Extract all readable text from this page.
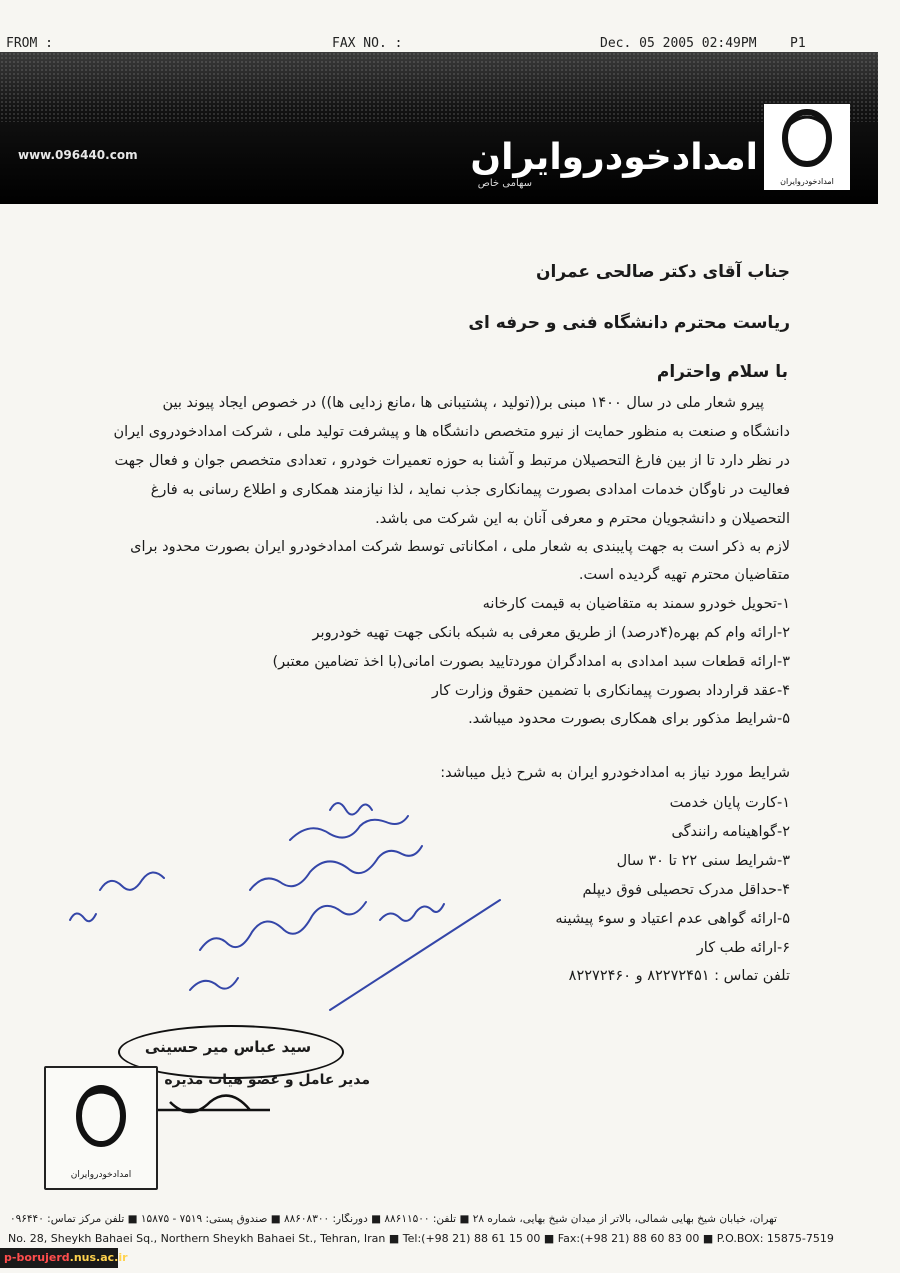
FROM :	FAX NO. :	Dec. 05 2005 02:49PM	P1
www.096440.com	امدادخودروایران
سهامی خاص	امدادخودروایران
جناب آقای دکتر صالحی عمران
ریاست محترم دانشگاه فنی و حرفه ای
با سلام واحترام
پیرو شعار ملی در سال ۱۴۰۰ مبنی بر((تولید ، پشتیبانی ها ،مانع زدایی ها)) در خصوص ایجاد پیوند بین
دانشگاه و صنعت به منظور حمایت از نیرو متخصص دانشگاه ها و پیشرفت تولید ملی ، شرکت امدادخودروی ایران
در نظر دارد تا از بین فارغ التحصیلان مرتبط و آشنا به حوزه تعمیرات خودرو ، تعدادی متخصص جوان و فعال جهت
فعالیت در ناوگان خدمات امدادی بصورت پیمانکاری جذب نماید ، لذا نیازمند همکاری و اطلاع رسانی به فارغ
التحصیلان و دانشجویان محترم و معرفی آنان به این شرکت می باشد.
لازم به ذکر است به جهت پایبندی به شعار ملی ، امکاناتی توسط شرکت امدادخودرو ایران بصورت محدود برای
متقاضیان محترم تهیه گردیده است.
۱-تحویل خودرو سمند به متقاضیان به قیمت کارخانه
۲-ارائه وام کم بهره(۴درصد) از طریق معرفی به شبکه بانکی جهت تهیه خودروبر
۳-ارائه قطعات سبد امدادی به امدادگران موردتایید بصورت امانی(با اخذ تضامین معتبر)
۴-عقد قرارداد بصورت پیمانکاری با تضمین حقوق وزارت کار
۵-شرایط مذکور برای همکاری بصورت محدود میباشد.
شرایط مورد نیاز به امدادخودرو ایران به شرح ذیل میباشد:
۱-کارت پایان خدمت
۲-گواهینامه رانندگی
۳-شرایط سنی ۲۲ تا ۳۰ سال
۴-حداقل مدرک تحصیلی فوق دیپلم
۵-ارائه گواهی عدم اعتیاد و سوء پیشینه
۶-ارائه طب کار
تلفن تماس : ۸۲۲۷۲۴۵۱ و ۸۲۲۷۲۴۶۰
سید عباس میر حسینی
مدیر عامل و عضو هیات مدیره
امدادخودروایران
تهران، خیابان شیخ بهایی شمالی، بالاتر از میدان شیخ بهایی، شماره ۲۸ ■ تلفن: ۸۸۶۱۱۵۰۰ ■ دورنگار: ۸۸۶۰۸۳۰۰ ■ صندوق پستی: ۷۵۱۹ - ۱۵۸۷۵ ■ تلفن مرکز تماس: ۰۹۶۴۴۰
No. 28, Sheykh Bahaei Sq., Northern Sheykh Bahaei St., Tehran, Iran ■ Tel:(+98 21) 88 61 15 00 ■ Fax:(+98 21) 88 60 83 00 ■ P.O.BOX: 15875-7519
p-borujerd.nus.ac.ir
